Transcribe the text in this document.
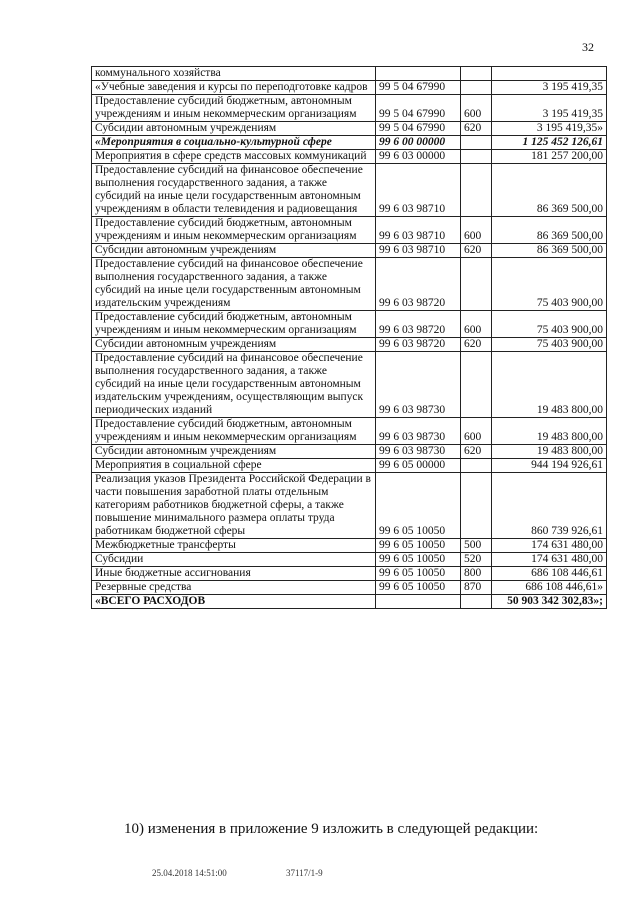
32
коммунального хозяйства			
«Учебные заведения и курсы по переподготовке кадров	99 5 04 67990		3 195 419,35
Предоставление субсидий бюджетным, автономным учреждениям и иным некоммерческим организациям	99 5 04 67990	600	3 195 419,35
Субсидии автономным учреждениям	99 5 04 67990	620	3 195 419,35»
«Мероприятия в социально-культурной сфере	99 6 00 00000		1 125 452 126,61
Мероприятия в сфере средств массовых коммуникаций	99 6 03 00000		181 257 200,00
Предоставление субсидий на финансовое обеспечение выполнения государственного задания, а также субсидий на иные цели государственным автономным учреждениям в области телевидения и радиовещания	99 6 03 98710		86 369 500,00
Предоставление субсидий бюджетным, автономным учреждениям и иным некоммерческим организациям	99 6 03 98710	600	86 369 500,00
Субсидии автономным учреждениям	99 6 03 98710	620	86 369 500,00
Предоставление субсидий на финансовое обеспечение выполнения государственного задания, а также субсидий на иные цели государственным автономным издательским учреждениям	99 6 03 98720		75 403 900,00
Предоставление субсидий бюджетным, автономным учреждениям и иным некоммерческим организациям	99 6 03 98720	600	75 403 900,00
Субсидии автономным учреждениям	99 6 03 98720	620	75 403 900,00
Предоставление субсидий на финансовое обеспечение выполнения государственного задания, а также субсидий на иные цели государственным автономным издательским учреждениям, осуществляющим выпуск периодических изданий	99 6 03 98730		19 483 800,00
Предоставление субсидий бюджетным, автономным учреждениям и иным некоммерческим организациям	99 6 03 98730	600	19 483 800,00
Субсидии автономным учреждениям	99 6 03 98730	620	19 483 800,00
Мероприятия в социальной сфере	99 6 05 00000		944 194 926,61
Реализация указов Президента Российской Федерации в части повышения заработной платы отдельным категориям работников бюджетной сферы, а также повышение минимального размера оплаты труда работникам бюджетной сферы	99 6 05 10050		860 739 926,61
Межбюджетные трансферты	99 6 05 10050	500	174 631 480,00
Субсидии	99 6 05 10050	520	174 631 480,00
Иные бюджетные ассигнования	99 6 05 10050	800	686 108 446,61
Резервные средства	99 6 05 10050	870	686 108 446,61»
«ВСЕГО РАСХОДОВ			50 903 342 302,83»;
10) изменения в приложение 9 изложить в следующей редакции:
25.04.2018 14:51:00	37117/1-9
